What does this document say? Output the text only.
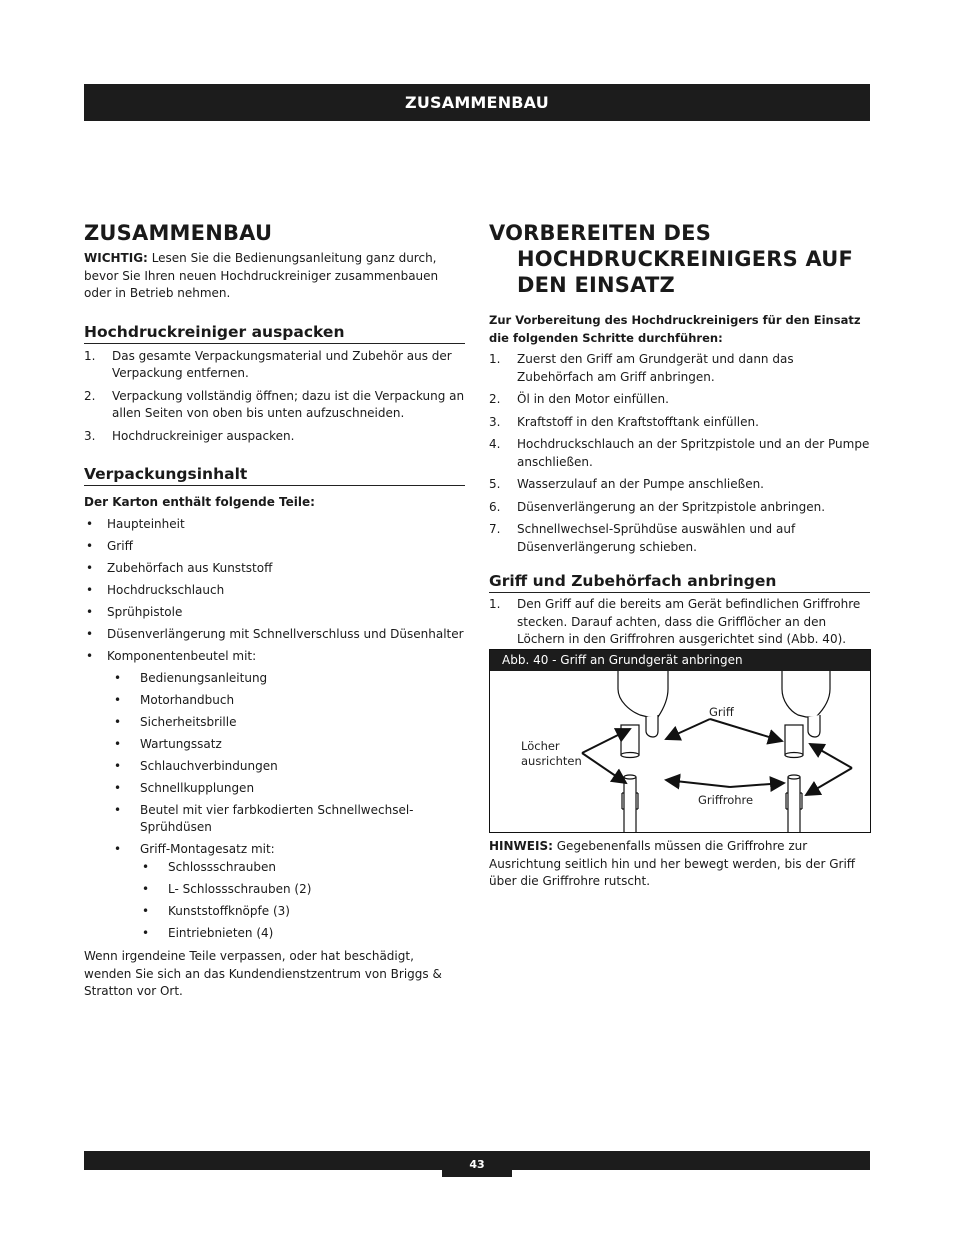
ZUSAMMENBAU
ZUSAMMENBAU

WICHTIG: Lesen Sie die Bedienungsanleitung ganz durch, bevor Sie Ihren neuen Hochdruckreiniger zusammenbauen oder in Betrieb nehmen.

Hochdruckreiniger auspacken
1. Das gesamte Verpackungsmaterial und Zubehör aus der Verpackung entfernen.
2. Verpackung vollständig öffnen; dazu ist die Verpackung an allen Seiten von oben bis unten aufzuschneiden.
3. Hochdruckreiniger auspacken.
Verpackungsinhalt

Der Karton enthält folgende Teile:

• Haupteinheit
• Griff
• Zubehörfach aus Kunststoff
• Hochdruckschlauch
• Sprühpistole
• Düsenverlängerung mit Schnellverschluss und Düsenhalter
• Komponentenbeutel mit:
• Bedienungsanleitung
• Motorhandbuch
• Sicherheitsbrille
• Wartungssatz
• Schlauchverbindungen
• Schnellkupplungen
• Beutel mit vier farbkodierten Schnellwechsel-Sprühdüsen
• Griff-Montagesatz mit:
• Schlossschrauben
• L- Schlossschrauben (2)
• Kunststoffknöpfe (3)
• Eintriebnieten (4)

Wenn irgendeine Teile verpassen, oder hat beschädigt, wenden Sie sich an das Kundendienstzentrum von Briggs & Stratton vor Ort.

VORBEREITEN DES
HOCHDRUCKREINIGERS AUF
DEN EINSATZ

Zur Vorbereitung des Hochdruckreinigers für den Einsatz die folgenden Schritte durchführen:

1. Zuerst den Griff am Grundgerät und dann das Zubehörfach am Griff anbringen.
2. Öl in den Motor einfüllen.
3. Kraftstoff in den Kraftstofftank einfüllen.
4. Hochdruckschlauch an der Spritzpistole und an der Pumpe anschließen.
5. Wasserzulauf an der Pumpe anschließen.
6. Düsenverlängerung an der Spritzpistole anbringen.
7. Schnellwechsel-Sprühdüse auswählen und auf Düsenverlängerung schieben.
Griff und Zubehörfach anbringen
1. Den Griff auf die bereits am Gerät befindlichen Griffrohre stecken. Darauf achten, dass die Grifflöcher an den Löchern in den Griffrohren ausgerichtet sind (Abb. 40).
Abb. 40 - Griff an Grundgerät anbringen
Griff
Löcher
ausrichten
Griffrohre

HINWEIS: Gegebenenfalls müssen die Griffrohre zur Ausrichtung seitlich hin und her bewegt werden, bis der Griff über die Griffrohre rutscht.

43
